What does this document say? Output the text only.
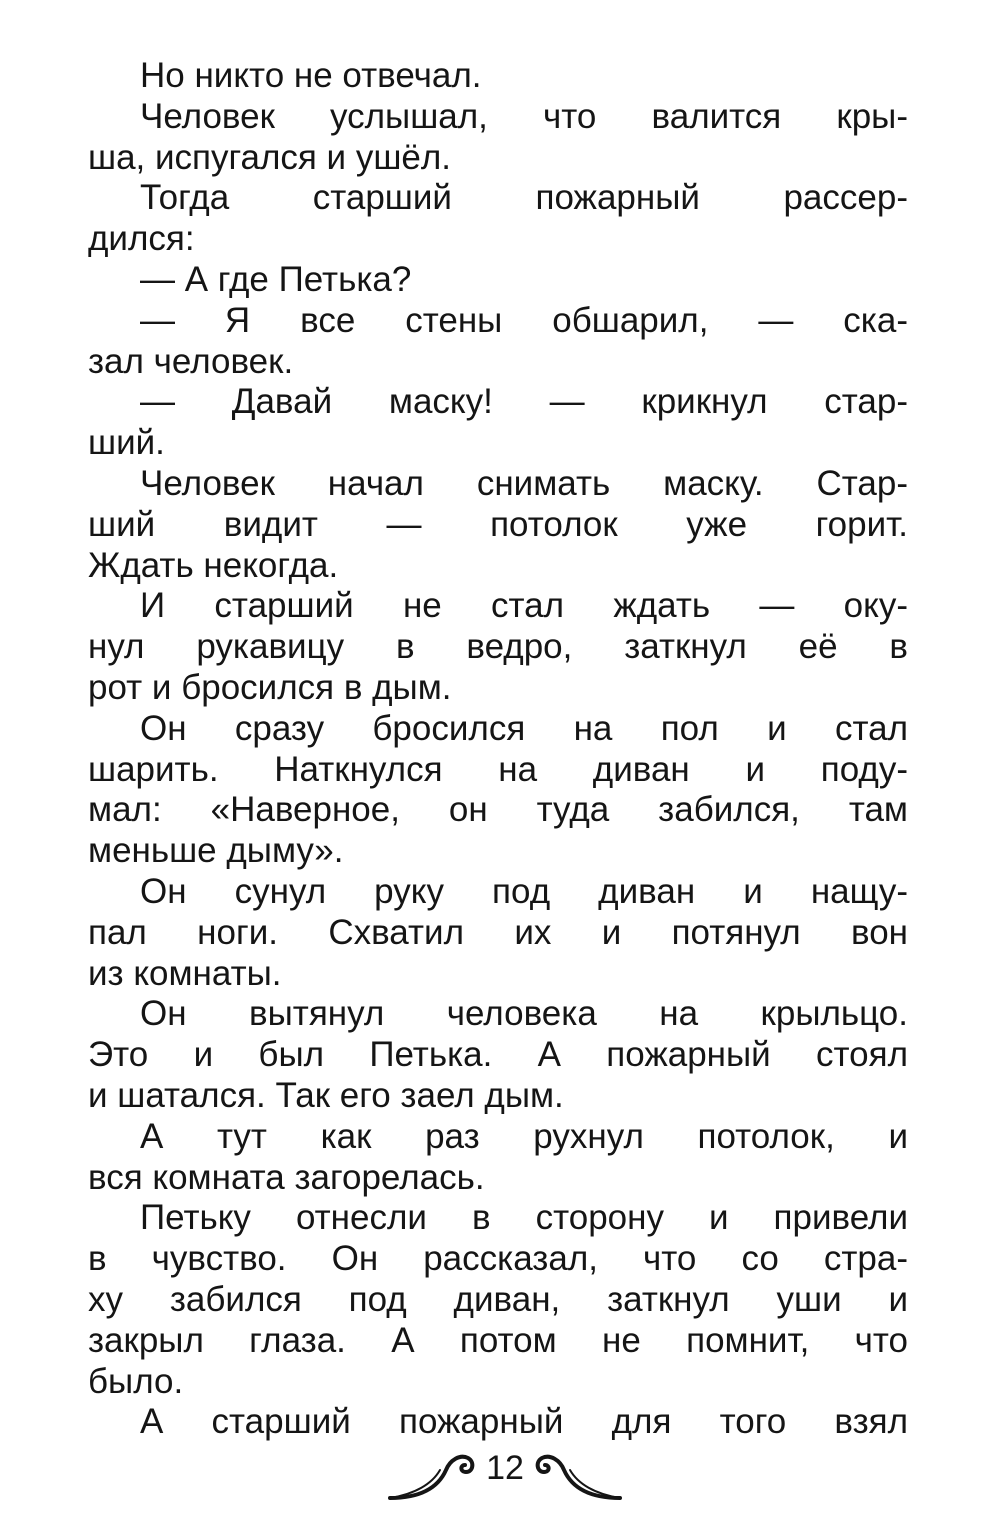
Но никто не отвечал.
Человек услышал, что валится кры-
ша, испугался и ушёл.
Тогда старший пожарный рассер-
дился:
— А где Петька?
— Я все стены обшарил, — ска-
зал человек.
— Давай маску! — крикнул стар-
ший.
Человек начал снимать маску. Стар-
ший видит — потолок уже горит.
Ждать некогда.
И старший не стал ждать — оку-
нул рукавицу в ведро, заткнул её в
рот и бросился в дым.
Он сразу бросился на пол и стал
шарить. Наткнулся на диван и поду-
мал: «Наверное, он туда забился, там
меньше дыму».
Он сунул руку под диван и нащу-
пал ноги. Схватил их и потянул вон
из комнаты.
Он вытянул человека на крыльцо.
Это и был Петька. А пожарный стоял
и шатался. Так его заел дым.
А тут как раз рухнул потолок, и
вся комната загорелась.
Петьку отнесли в сторону и привели
в чувство. Он рассказал, что со стра-
ху забился под диван, заткнул уши и
закрыл глаза. А потом не помнит, что
было.
А старший пожарный для того взял
12
